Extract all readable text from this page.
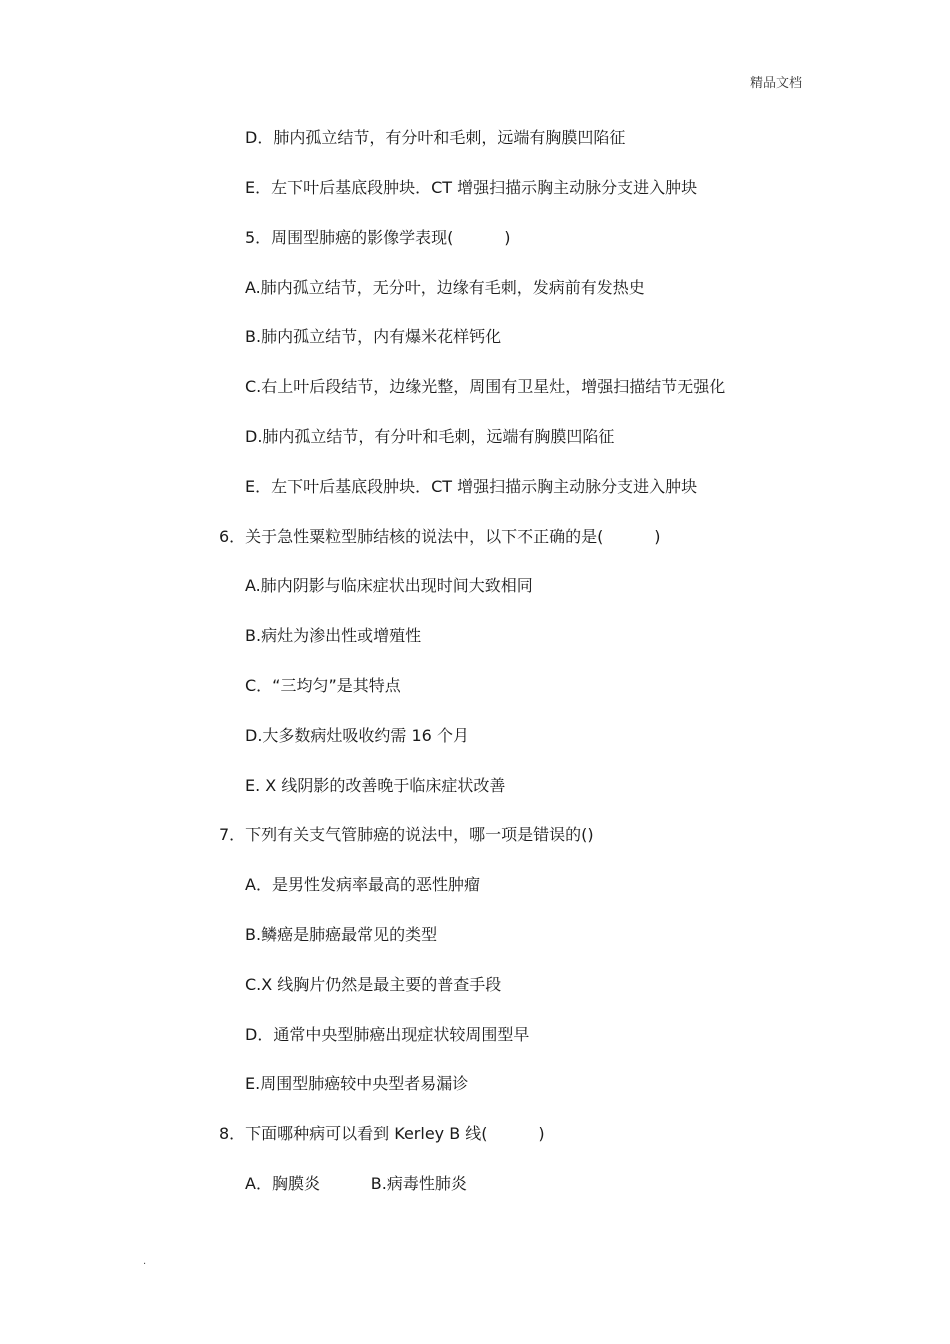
精品文档
D．肺内孤立结节，有分叶和毛刺，远端有胸膜凹陷征
E．左下叶后基底段肿块．CT 增强扫描示胸主动脉分支进入肿块
5．周围型肺癌的影像学表现(          )
A.肺内孤立结节，无分叶，边缘有毛刺，发病前有发热史
B.肺内孤立结节，内有爆米花样钙化
C.右上叶后段结节，边缘光整，周围有卫星灶，增强扫描结节无强化
D.肺内孤立结节，有分叶和毛刺，远端有胸膜凹陷征
E．左下叶后基底段肿块．CT 增强扫描示胸主动脉分支进入肿块
6．关于急性粟粒型肺结核的说法中，以下不正确的是(          )
A.肺内阴影与临床症状出现时间大致相同
B.病灶为渗出性或增殖性
C．“三均匀”是其特点
D.大多数病灶吸收约需 16 个月
E. X 线阴影的改善晚于临床症状改善
7．下列有关支气管肺癌的说法中，哪一项是错误的()
A．是男性发病率最高的恶性肿瘤
B.鳞癌是肺癌最常见的类型
C.X 线胸片仍然是最主要的普查手段
D．通常中央型肺癌出现症状较周围型早
E.周围型肺癌较中央型者易漏诊
8．下面哪种病可以看到 Kerley B 线(          )
A．胸膜炎          B.病毒性肺炎
.
